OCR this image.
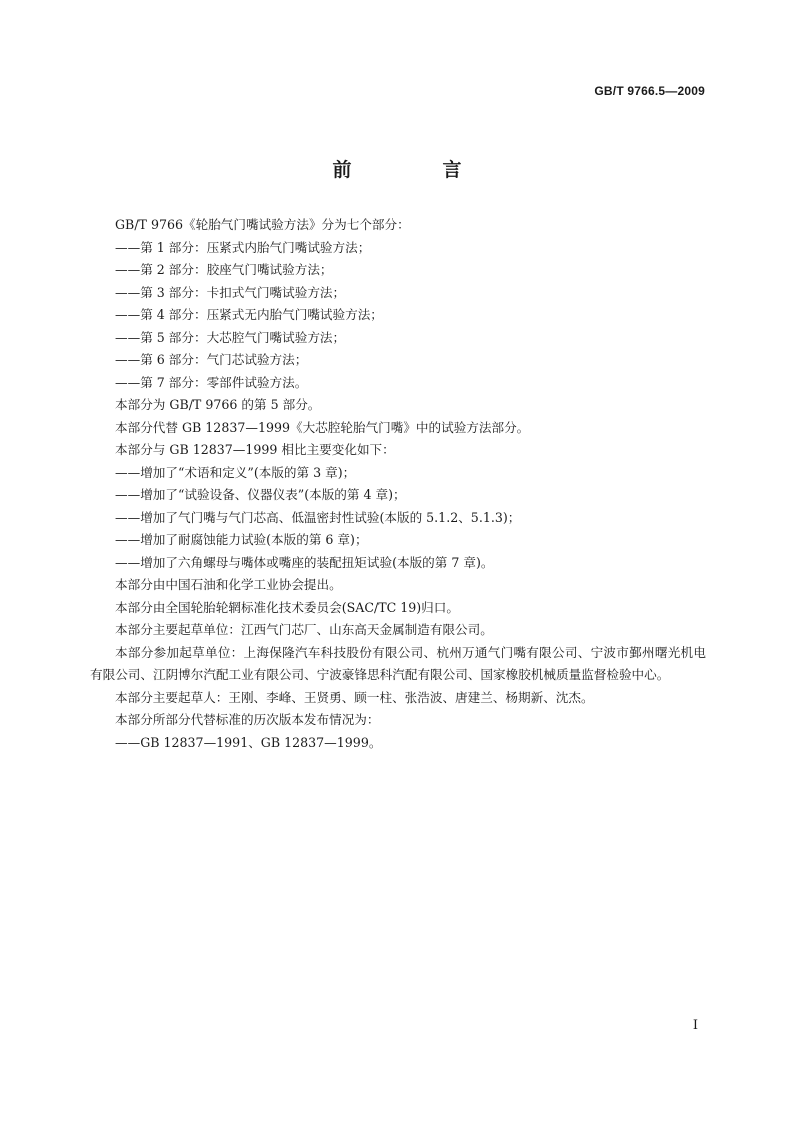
GB/T 9766.5—2009
前　言

GB/T 9766《轮胎气门嘴试验方法》分为七个部分：

——第 1 部分：压紧式内胎气门嘴试验方法；

——第 2 部分：胶座气门嘴试验方法；

——第 3 部分：卡扣式气门嘴试验方法；

——第 4 部分：压紧式无内胎气门嘴试验方法；

——第 5 部分：大芯腔气门嘴试验方法；

——第 6 部分：气门芯试验方法；

——第 7 部分：零部件试验方法。

本部分为 GB/T 9766 的第 5 部分。

本部分代替 GB 12837—1999《大芯腔轮胎气门嘴》中的试验方法部分。

本部分与 GB 12837—1999 相比主要变化如下：

——增加了“术语和定义”(本版的第 3 章)；

——增加了“试验设备、仪器仪表”(本版的第 4 章)；

——增加了气门嘴与气门芯高、低温密封性试验(本版的 5.1.2、5.1.3)；

——增加了耐腐蚀能力试验(本版的第 6 章)；

——增加了六角螺母与嘴体或嘴座的装配扭矩试验(本版的第 7 章)。

本部分由中国石油和化学工业协会提出。

本部分由全国轮胎轮辋标准化技术委员会(SAC/TC 19)归口。

本部分主要起草单位：江西气门芯厂、山东高天金属制造有限公司。

本部分参加起草单位：上海保隆汽车科技股份有限公司、杭州万通气门嘴有限公司、宁波市鄞州曙光机电有限公司、江阴博尔汽配工业有限公司、宁波豪锋思科汽配有限公司、国家橡胶机械质量监督检验中心。

本部分主要起草人：王刚、李峰、王贤勇、顾一柱、张浩波、唐建兰、杨期新、沈杰。

本部分所部分代替标准的历次版本发布情况为：

——GB 12837—1991、GB 12837—1999。

I
